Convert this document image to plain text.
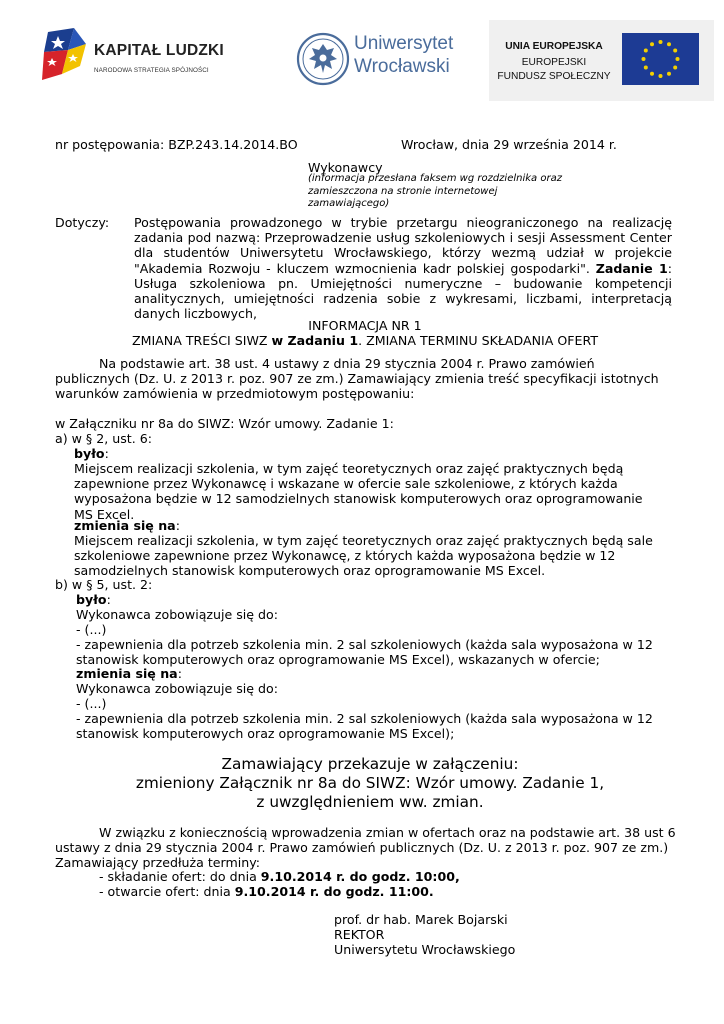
KAPITAŁ LUDZKI
NARODOWA STRATEGIA SPÓJNOŚCI
Uniwersytet
Wrocławski
UNIA EUROPEJSKA
EUROPEJSKI
FUNDUSZ SPOŁECZNY
nr postępowania: BZP.243.14.2014.BO	Wrocław, dnia 29 września 2014 r.
Wykonawcy
(informacja przesłana faksem wg rozdzielnika oraz zamieszczona na stronie internetowej zamawiającego)
Dotyczy: Postępowania prowadzonego w trybie przetargu nieograniczonego na realizację zadania pod nazwą: Przeprowadzenie usług szkoleniowych i sesji Assessment Center dla studentów Uniwersytetu Wrocławskiego, którzy wezmą udział w projekcie "Akademia Rozwoju - kluczem wzmocnienia kadr polskiej gospodarki". Zadanie 1: Usługa szkoleniowa pn. Umiejętności numeryczne – budowanie kompetencji analitycznych, umiejętności radzenia sobie z wykresami, liczbami, interpretacją danych liczbowych,
INFORMACJA NR 1
ZMIANA TREŚCI SIWZ w Zadaniu 1. ZMIANA TERMINU SKŁADANIA OFERT
Na podstawie art. 38 ust. 4 ustawy z dnia 29 stycznia 2004 r. Prawo zamówień publicznych (Dz. U. z 2013 r. poz. 907 ze zm.) Zamawiający zmienia treść specyfikacji istotnych warunków zamówienia w przedmiotowym postępowaniu:
w Załączniku nr 8a do SIWZ: Wzór umowy. Zadanie 1:
a) w § 2, ust. 6:
było:
Miejscem realizacji szkolenia, w tym zajęć teoretycznych oraz zajęć praktycznych będą zapewnione przez Wykonawcę i wskazane w ofercie sale szkoleniowe, z których każda wyposażona będzie w 12 samodzielnych stanowisk komputerowych oraz oprogramowanie MS Excel.
zmienia się na:
Miejscem realizacji szkolenia, w tym zajęć teoretycznych oraz zajęć praktycznych będą sale szkoleniowe zapewnione przez Wykonawcę, z których każda wyposażona będzie w 12 samodzielnych stanowisk komputerowych oraz oprogramowanie MS Excel.
b) w § 5, ust. 2:
było:
Wykonawca zobowiązuje się do:
- (...)
- zapewnienia dla potrzeb szkolenia min. 2 sal szkoleniowych (każda sala wyposażona w 12 stanowisk komputerowych oraz oprogramowanie MS Excel), wskazanych w ofercie;
zmienia się na:
Wykonawca zobowiązuje się do:
- (...)
- zapewnienia dla potrzeb szkolenia min. 2 sal szkoleniowych (każda sala wyposażona w 12 stanowisk komputerowych oraz oprogramowanie MS Excel);
Zamawiający przekazuje w załączeniu:
zmieniony Załącznik nr 8a do SIWZ: Wzór umowy. Zadanie 1,
z uwzględnieniem ww. zmian.
W związku z koniecznością wprowadzenia zmian w ofertach oraz na podstawie art. 38 ust 6 ustawy z dnia 29 stycznia 2004 r. Prawo zamówień publicznych (Dz. U. z 2013 r. poz. 907 ze zm.) Zamawiający przedłuża terminy:
- składanie ofert: do dnia 9.10.2014 r. do godz. 10:00,
- otwarcie ofert: dnia 9.10.2014 r. do godz. 11:00.
prof. dr hab. Marek Bojarski
REKTOR
Uniwersytetu Wrocławskiego
